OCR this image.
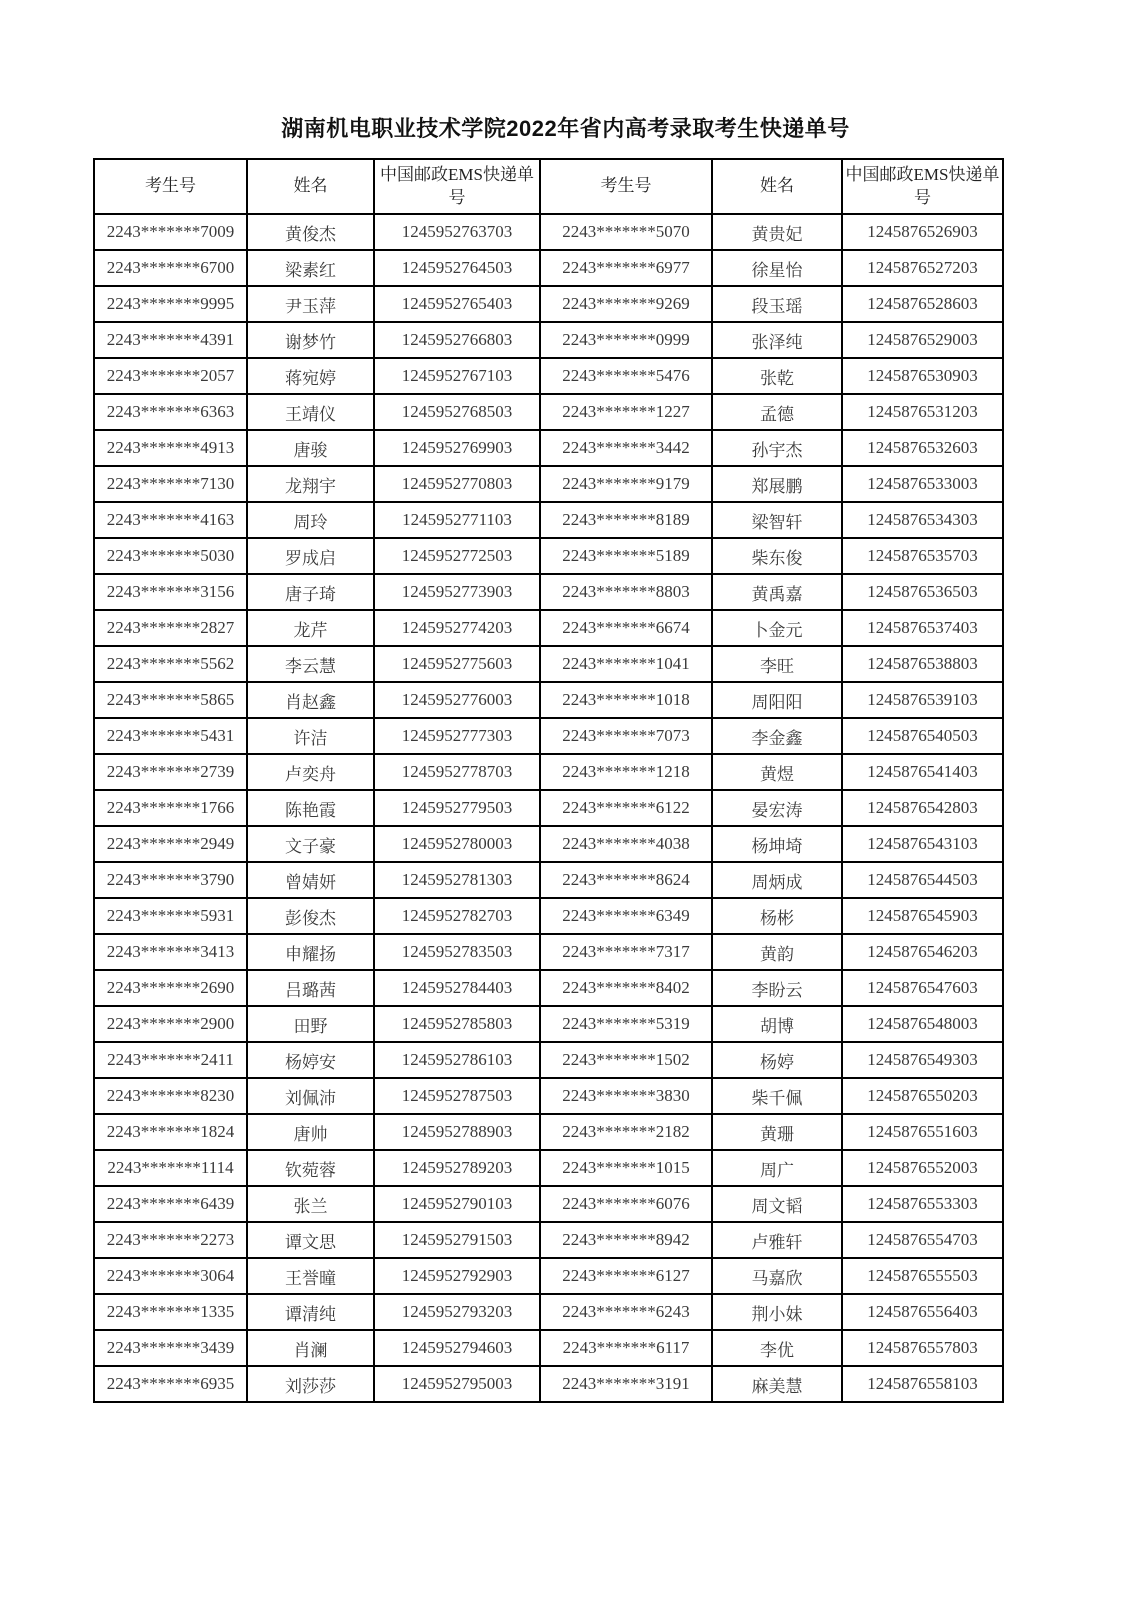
湖南机电职业技术学院2022年省内高考录取考生快递单号
考生号	姓名	中国邮政EMS快递单号	考生号	姓名	中国邮政EMS快递单号
2243*******7009	黄俊杰	1245952763703	2243*******5070	黄贵妃	1245876526903
2243*******6700	梁素红	1245952764503	2243*******6977	徐星怡	1245876527203
2243*******9995	尹玉萍	1245952765403	2243*******9269	段玉瑶	1245876528603
2243*******4391	谢梦竹	1245952766803	2243*******0999	张泽纯	1245876529003
2243*******2057	蒋宛婷	1245952767103	2243*******5476	张乾	1245876530903
2243*******6363	王靖仪	1245952768503	2243*******1227	孟德	1245876531203
2243*******4913	唐骏	1245952769903	2243*******3442	孙宇杰	1245876532603
2243*******7130	龙翔宇	1245952770803	2243*******9179	郑展鹏	1245876533003
2243*******4163	周玲	1245952771103	2243*******8189	梁智轩	1245876534303
2243*******5030	罗成启	1245952772503	2243*******5189	柴东俊	1245876535703
2243*******3156	唐子琦	1245952773903	2243*******8803	黄禹嘉	1245876536503
2243*******2827	龙芹	1245952774203	2243*******6674	卜金元	1245876537403
2243*******5562	李云慧	1245952775603	2243*******1041	李旺	1245876538803
2243*******5865	肖赵鑫	1245952776003	2243*******1018	周阳阳	1245876539103
2243*******5431	许洁	1245952777303	2243*******7073	李金鑫	1245876540503
2243*******2739	卢奕舟	1245952778703	2243*******1218	黄煜	1245876541403
2243*******1766	陈艳霞	1245952779503	2243*******6122	晏宏涛	1245876542803
2243*******2949	文子豪	1245952780003	2243*******4038	杨坤埼	1245876543103
2243*******3790	曾婧妍	1245952781303	2243*******8624	周炳成	1245876544503
2243*******5931	彭俊杰	1245952782703	2243*******6349	杨彬	1245876545903
2243*******3413	申耀扬	1245952783503	2243*******7317	黄韵	1245876546203
2243*******2690	吕璐茜	1245952784403	2243*******8402	李盼云	1245876547603
2243*******2900	田野	1245952785803	2243*******5319	胡博	1245876548003
2243*******2411	杨婷安	1245952786103	2243*******1502	杨婷	1245876549303
2243*******8230	刘佩沛	1245952787503	2243*******3830	柴千佩	1245876550203
2243*******1824	唐帅	1245952788903	2243*******2182	黄珊	1245876551603
2243*******1114	钦菀蓉	1245952789203	2243*******1015	周广	1245876552003
2243*******6439	张兰	1245952790103	2243*******6076	周文韬	1245876553303
2243*******2273	谭文思	1245952791503	2243*******8942	卢雅轩	1245876554703
2243*******3064	王誉曈	1245952792903	2243*******6127	马嘉欣	1245876555503
2243*******1335	谭清纯	1245952793203	2243*******6243	荆小妹	1245876556403
2243*******3439	肖澜	1245952794603	2243*******6117	李优	1245876557803
2243*******6935	刘莎莎	1245952795003	2243*******3191	麻美慧	1245876558103
